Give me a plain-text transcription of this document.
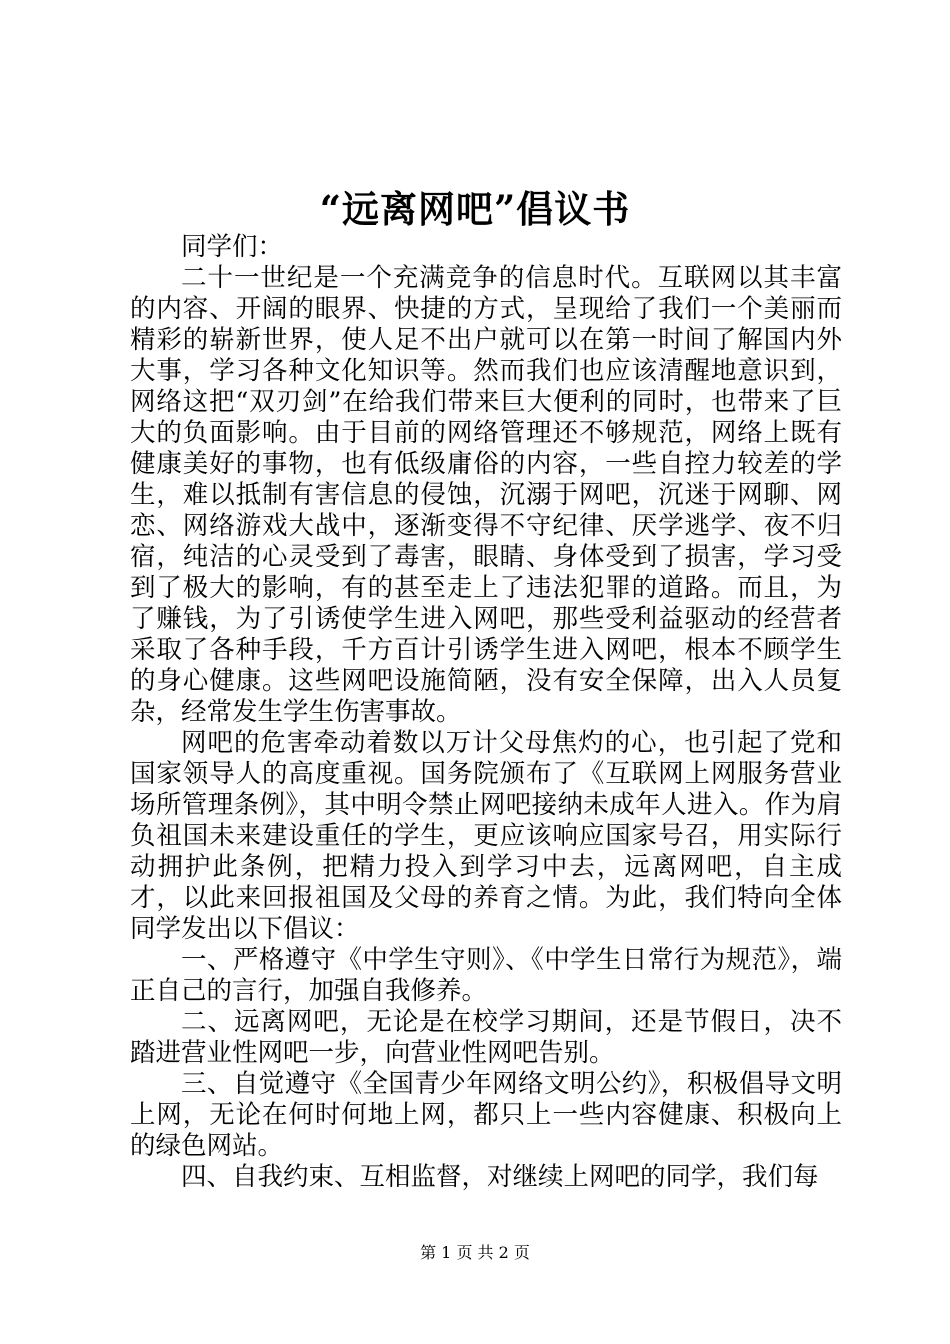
“远离网吧”倡议书

同学们：

二十一世纪是一个充满竞争的信息时代。互联网以其丰富的内容、开阔的眼界、快捷的方式，呈现给了我们一个美丽而精彩的崭新世界，使人足不出户就可以在第一时间了解国内外大事，学习各种文化知识等。然而我们也应该清醒地意识到，网络这把“双刃剑”在给我们带来巨大便利的同时，也带来了巨大的负面影响。由于目前的网络管理还不够规范，网络上既有健康美好的事物，也有低级庸俗的内容，一些自控力较差的学生，难以抵制有害信息的侵蚀，沉溺于网吧，沉迷于网聊、网恋、网络游戏大战中，逐渐变得不守纪律、厌学逃学、夜不归宿，纯洁的心灵受到了毒害，眼睛、身体受到了损害，学习受到了极大的影响，有的甚至走上了违法犯罪的道路。而且，为了赚钱，为了引诱使学生进入网吧，那些受利益驱动的经营者采取了各种手段，千方百计引诱学生进入网吧，根本不顾学生的身心健康。这些网吧设施简陋，没有安全保障，出入人员复杂，经常发生学生伤害事故。

网吧的危害牵动着数以万计父母焦灼的心，也引起了党和国家领导人的高度重视。国务院颁布了《互联网上网服务营业场所管理条例》，其中明令禁止网吧接纳未成年人进入。作为肩负祖国未来建设重任的学生，更应该响应国家号召，用实际行动拥护此条例，把精力投入到学习中去，远离网吧，自主成才，以此来回报祖国及父母的养育之情。为此，我们特向全体同学发出以下倡议：

一、严格遵守《中学生守则》、《中学生日常行为规范》，端正自己的言行，加强自我修养。

二、远离网吧，无论是在校学习期间，还是节假日，决不踏进营业性网吧一步，向营业性网吧告别。

三、自觉遵守《全国青少年网络文明公约》，积极倡导文明上网，无论在何时何地上网，都只上一些内容健康、积极向上的绿色网站。

四、自我约束、互相监督，对继续上网吧的同学，我们每

第 1 页 共 2 页
